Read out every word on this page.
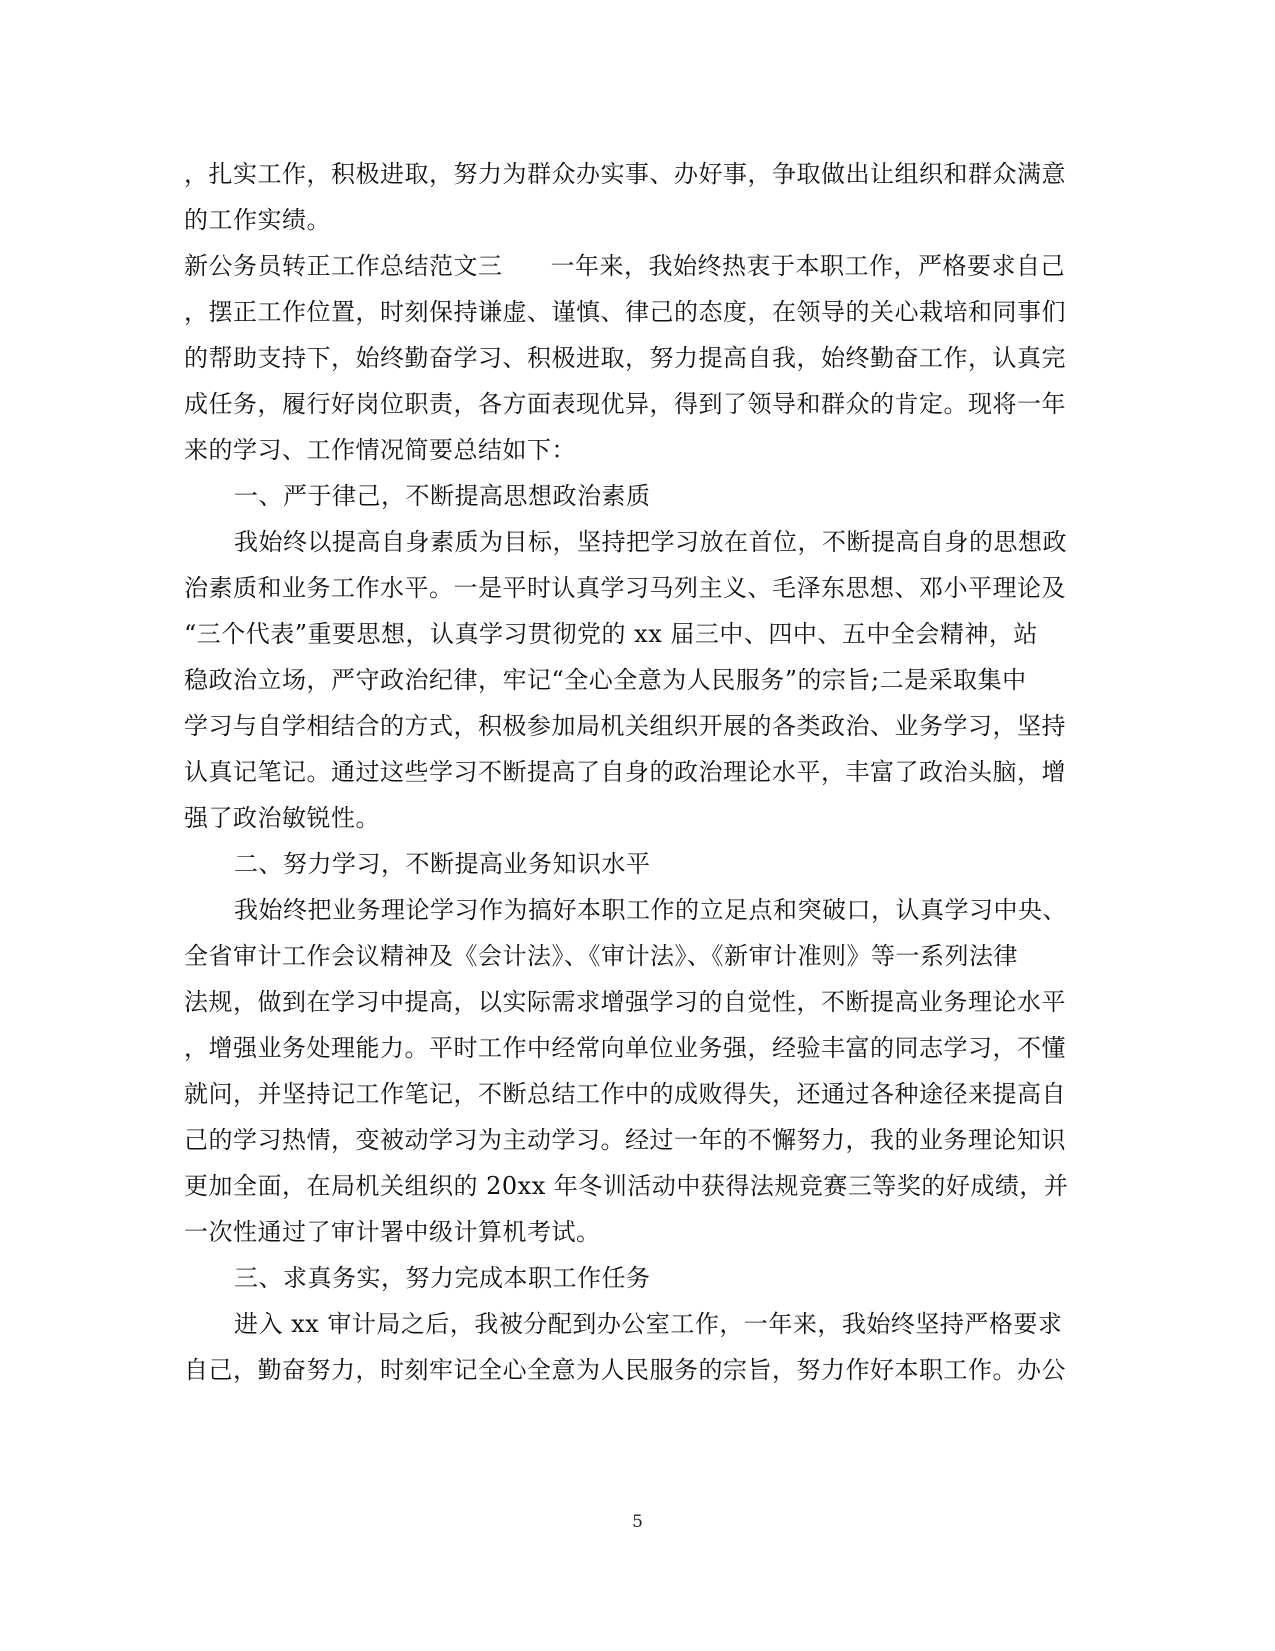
，扎实工作，积极进取，努力为群众办实事、办好事，争取做出让组织和群众满意
的工作实绩。
新公务员转正工作总结范文三 一年来，我始终热衷于本职工作，严格要求自己
，摆正工作位置，时刻保持谦虚、谨慎、律己的态度，在领导的关心栽培和同事们
的帮助支持下，始终勤奋学习、积极进取，努力提高自我，始终勤奋工作，认真完
成任务，履行好岗位职责，各方面表现优异，得到了领导和群众的肯定。现将一年
来的学习、工作情况简要总结如下：
一、严于律己，不断提高思想政治素质
我始终以提高自身素质为目标，坚持把学习放在首位，不断提高自身的思想政
治素质和业务工作水平。一是平时认真学习马列主义、毛泽东思想、邓小平理论及
“三个代表”重要思想，认真学习贯彻党的 xx 届三中、四中、五中全会精神，站
稳政治立场，严守政治纪律，牢记“全心全意为人民服务”的宗旨;二是采取集中
学习与自学相结合的方式，积极参加局机关组织开展的各类政治、业务学习，坚持
认真记笔记。通过这些学习不断提高了自身的政治理论水平，丰富了政治头脑，增
强了政治敏锐性。
二、努力学习，不断提高业务知识水平
我始终把业务理论学习作为搞好本职工作的立足点和突破口，认真学习中央、
全省审计工作会议精神及《会计法》、《审计法》、《新审计准则》等一系列法律
法规，做到在学习中提高，以实际需求增强学习的自觉性，不断提高业务理论水平
，增强业务处理能力。平时工作中经常向单位业务强，经验丰富的同志学习，不懂
就问，并坚持记工作笔记，不断总结工作中的成败得失，还通过各种途径来提高自
己的学习热情，变被动学习为主动学习。经过一年的不懈努力，我的业务理论知识
更加全面，在局机关组织的 20xx 年冬训活动中获得法规竞赛三等奖的好成绩，并
一次性通过了审计署中级计算机考试。
三、求真务实，努力完成本职工作任务
进入 xx 审计局之后，我被分配到办公室工作，一年来，我始终坚持严格要求
自己，勤奋努力，时刻牢记全心全意为人民服务的宗旨，努力作好本职工作。办公
5
